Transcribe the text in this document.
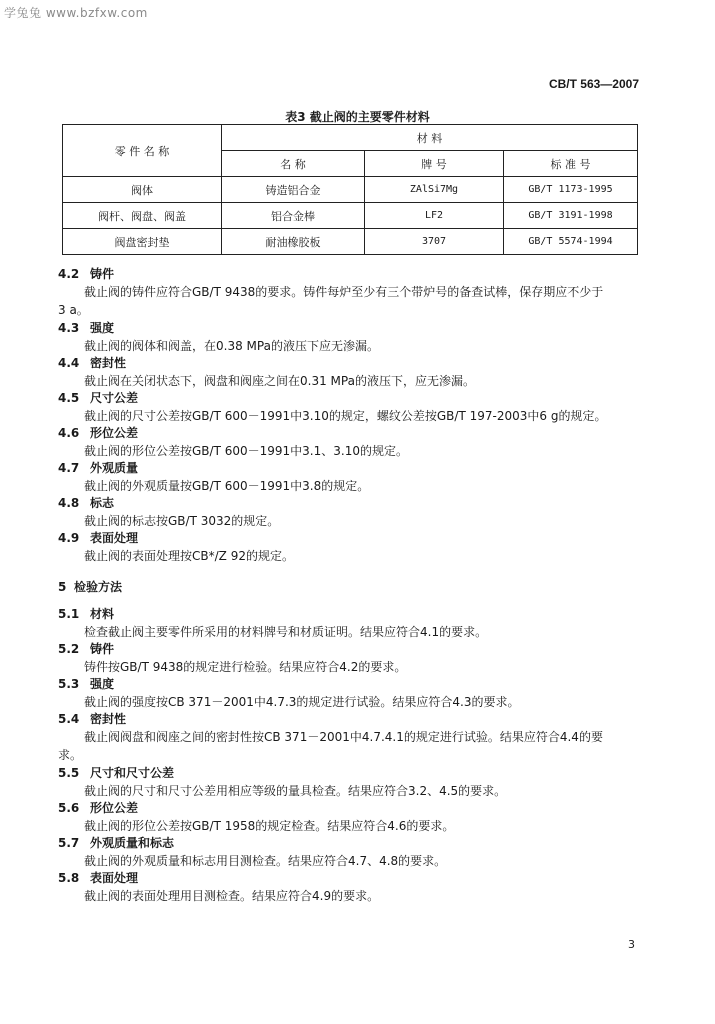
学兔兔 www.bzfxw.com
CB/T 563—2007
表3 截止阀的主要零件材料
零 件 名 称	材 料		
	名 称	牌 号	标 准 号
阀体	铸造铝合金	ZAlSi7Mg	GB/T 1173-1995
阀杆、阀盘、阀盖	铝合金棒	LF2	GB/T 3191-1998
阀盘密封垫	耐油橡胶板	3707	GB/T 5574-1994
4.2 铸件
截止阀的铸件应符合GB/T 9438的要求。铸件每炉至少有三个带炉号的备查试棒，保存期应不少于
3 a。
4.3 强度
截止阀的阀体和阀盖，在0.38 MPa的液压下应无渗漏。
4.4 密封性
截止阀在关闭状态下，阀盘和阀座之间在0.31 MPa的液压下，应无渗漏。
4.5 尺寸公差
截止阀的尺寸公差按GB/T 600－1991中3.10的规定，螺纹公差按GB/T 197-2003中6 g的规定。
4.6 形位公差
截止阀的形位公差按GB/T 600－1991中3.1、3.10的规定。
4.7 外观质量
截止阀的外观质量按GB/T 600－1991中3.8的规定。
4.8 标志
截止阀的标志按GB/T 3032的规定。
4.9 表面处理
截止阀的表面处理按CB*/Z 92的规定。
5 检验方法
5.1 材料
检查截止阀主要零件所采用的材料牌号和材质证明。结果应符合4.1的要求。
5.2 铸件
铸件按GB/T 9438的规定进行检验。结果应符合4.2的要求。
5.3 强度
截止阀的强度按CB 371－2001中4.7.3的规定进行试验。结果应符合4.3的要求。
5.4 密封性
截止阀阀盘和阀座之间的密封性按CB 371－2001中4.7.4.1的规定进行试验。结果应符合4.4的要
求。
5.5 尺寸和尺寸公差
截止阀的尺寸和尺寸公差用相应等级的量具检查。结果应符合3.2、4.5的要求。
5.6 形位公差
截止阀的形位公差按GB/T 1958的规定检查。结果应符合4.6的要求。
5.7 外观质量和标志
截止阀的外观质量和标志用目测检查。结果应符合4.7、4.8的要求。
5.8 表面处理
截止阀的表面处理用目测检查。结果应符合4.9的要求。
3
